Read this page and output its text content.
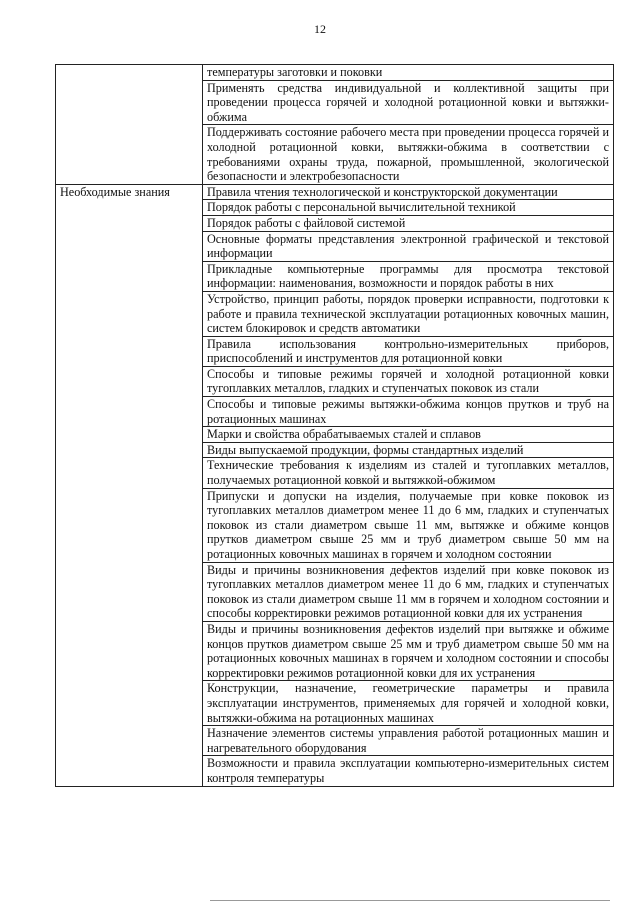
12

	температуры заготовки и поковки

	Применять средства индивидуальной и коллективной защиты при проведении процесса горячей и холодной ротационной ковки и вытяжки-обжима

	Поддерживать состояние рабочего места при проведении процесса горячей и холодной ротационной ковки, вытяжки-обжима в соответствии с требованиями охраны труда, пожарной, промышленной, экологической безопасности и электробезопасности

Необходимые знания	Правила чтения технологической и конструкторской документации

	Порядок работы с персональной вычислительной техникой

	Порядок работы с файловой системой

	Основные форматы представления электронной графической и текстовой информации

	Прикладные компьютерные программы для просмотра текстовой информации: наименования, возможности и порядок работы в них

	Устройство, принцип работы, порядок проверки исправности, подготовки к работе и правила технической эксплуатации ротационных ковочных машин, систем блокировок и средств автоматики

	Правила использования контрольно-измерительных приборов, приспособлений и инструментов для ротационной ковки

	Способы и типовые режимы горячей и холодной ротационной ковки тугоплавких металлов, гладких и ступенчатых поковок из стали

	Способы и типовые режимы вытяжки-обжима концов прутков и труб на ротационных машинах

	Марки и свойства обрабатываемых сталей и сплавов

	Виды выпускаемой продукции, формы стандартных изделий

	Технические требования к изделиям из сталей и тугоплавких металлов, получаемых ротационной ковкой и вытяжкой-обжимом

	Припуски и допуски на изделия, получаемые при ковке поковок из тугоплавких металлов диаметром менее 11 до 6 мм, гладких и ступенчатых поковок из стали диаметром свыше 11 мм, вытяжке и обжиме концов прутков диаметром свыше 25 мм и труб диаметром свыше 50 мм на ротационных ковочных машинах в горячем и холодном состоянии

	Виды и причины возникновения дефектов изделий при ковке поковок из тугоплавких металлов диаметром менее 11 до 6 мм, гладких и ступенчатых поковок из стали диаметром свыше 11 мм в горячем и холодном состоянии и способы корректировки режимов ротационной ковки для их устранения

	Виды и причины возникновения дефектов изделий при вытяжке и обжиме концов прутков диаметром свыше 25 мм и труб диаметром свыше 50 мм на ротационных ковочных машинах в горячем и холодном состоянии и способы корректировки режимов ротационной ковки для их устранения

	Конструкции, назначение, геометрические параметры и правила эксплуатации инструментов, применяемых для горячей и холодной ковки, вытяжки-обжима на ротационных машинах

	Назначение элементов системы управления работой ротационных машин и нагревательного оборудования

	Возможности и правила эксплуатации компьютерно-измерительных систем контроля температуры
